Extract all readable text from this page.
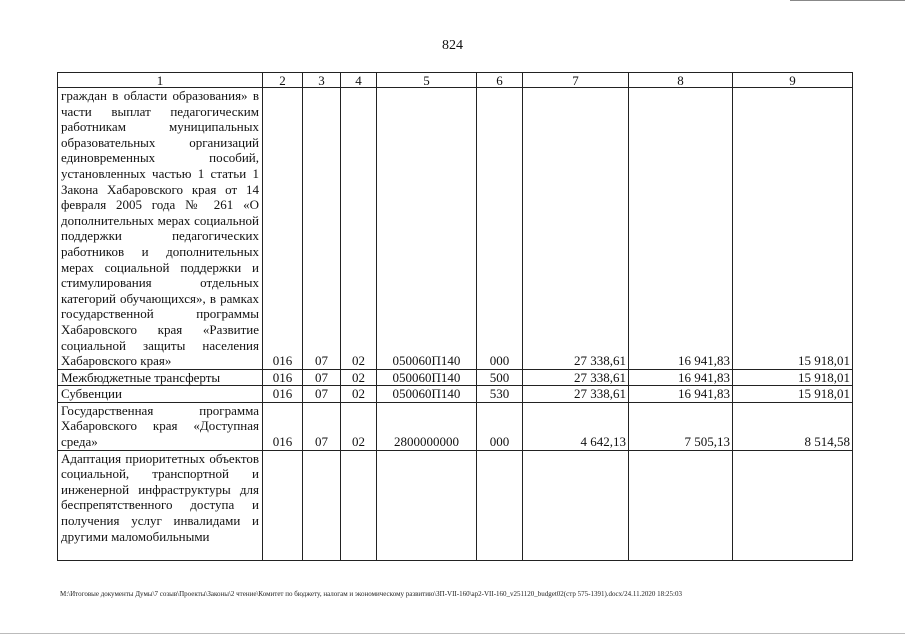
824
1	2	3	4	5	6	7	8	9
граждан в области образования» в части выплат педагогическим работникам муниципальных образовательных организаций единовременных пособий, установленных частью 1 статьи 1 Закона Хабаровского края от 14 февраля 2005 года № 261 «О дополнительных мерах социальной поддержки педагогических работников и дополнительных мерах социальной поддержки и стимулирования отдельных категорий обучающихся», в рамках государственной программы Хабаровского края «Развитие социальной защиты населения Хабаровского края»	016	07	02	050060П140	000	27 338,61	16 941,83	15 918,01
Межбюджетные трансферты	016	07	02	050060П140	500	27 338,61	16 941,83	15 918,01
Субвенции	016	07	02	050060П140	530	27 338,61	16 941,83	15 918,01
Государственная программа Хабаровского края «Доступная среда»	016	07	02	2800000000	000	4 642,13	7 505,13	8 514,58

Адаптация приоритетных объектов социальной, транспортной и инженерной инфраструктуры для беспрепятственного доступа и получения услуг инвалидами и другими маломобильными								

M:\Итоговые документы Думы\7 созыв\Проекты\Законы\2 чтение\Комитет по бюджету, налогам и экономическому развитию\ЗП-VII-160\ap2-VII-160_v251120_budget02(стр 575-1391).docx/24.11.2020 18:25:03
